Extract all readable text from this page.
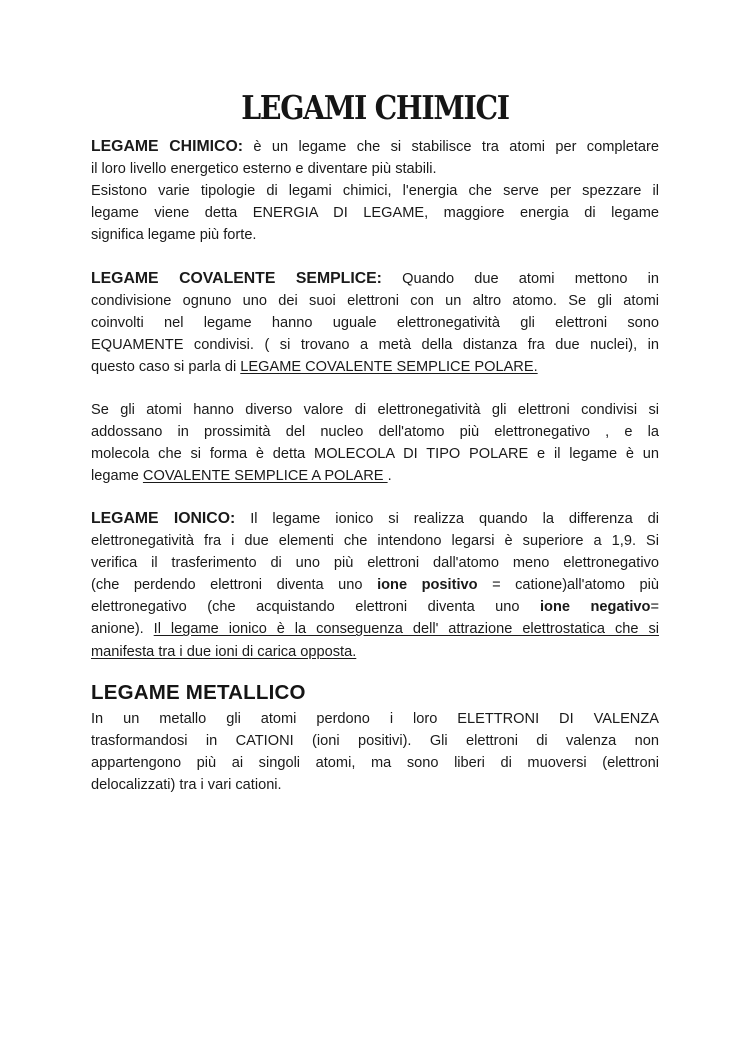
LEGAMI CHIMICI
LEGAME CHIMICO: è un legame che si stabilisce tra atomi per completare
il loro livello energetico esterno e diventare più stabili.
Esistono varie tipologie di legami chimici, l'energia che serve per spezzare il
legame viene detta ENERGIA DI LEGAME, maggiore energia di legame
significa legame più forte.
LEGAME COVALENTE SEMPLICE: Quando due atomi mettono in
condivisione ognuno uno dei suoi elettroni con un altro atomo. Se gli atomi
coinvolti nel legame hanno uguale elettronegatività gli elettroni sono
EQUAMENTE condivisi. ( si trovano a metà della distanza fra due nuclei), in
questo caso si parla di LEGAME COVALENTE SEMPLICE POLARE.
Se gli atomi hanno diverso valore di elettronegatività gli elettroni condivisi si
addossano in prossimità del nucleo dell'atomo più elettronegativo , e la
molecola che si forma è detta MOLECOLA DI TIPO POLARE e il legame è un
legame COVALENTE SEMPLICE A POLARE .
LEGAME IONICO: Il legame ionico si realizza quando la differenza di
elettronegatività fra i due elementi che intendono legarsi è superiore a 1,9. Si
verifica il trasferimento di uno più elettroni dall'atomo meno elettronegativo
(che perdendo elettroni diventa uno ione positivo = catione)all'atomo più
elettronegativo (che acquistando elettroni diventa uno ione negativo=
anione). Il legame ionico è la conseguenza dell' attrazione elettrostatica che si
manifesta tra i due ioni di carica opposta.
LEGAME METALLICO
In un metallo gli atomi perdono i loro ELETTRONI DI VALENZA
trasformandosi in CATIONI (ioni positivi). Gli elettroni di valenza non
appartengono più ai singoli atomi, ma sono liberi di muoversi (elettroni
delocalizzati) tra i vari cationi.
